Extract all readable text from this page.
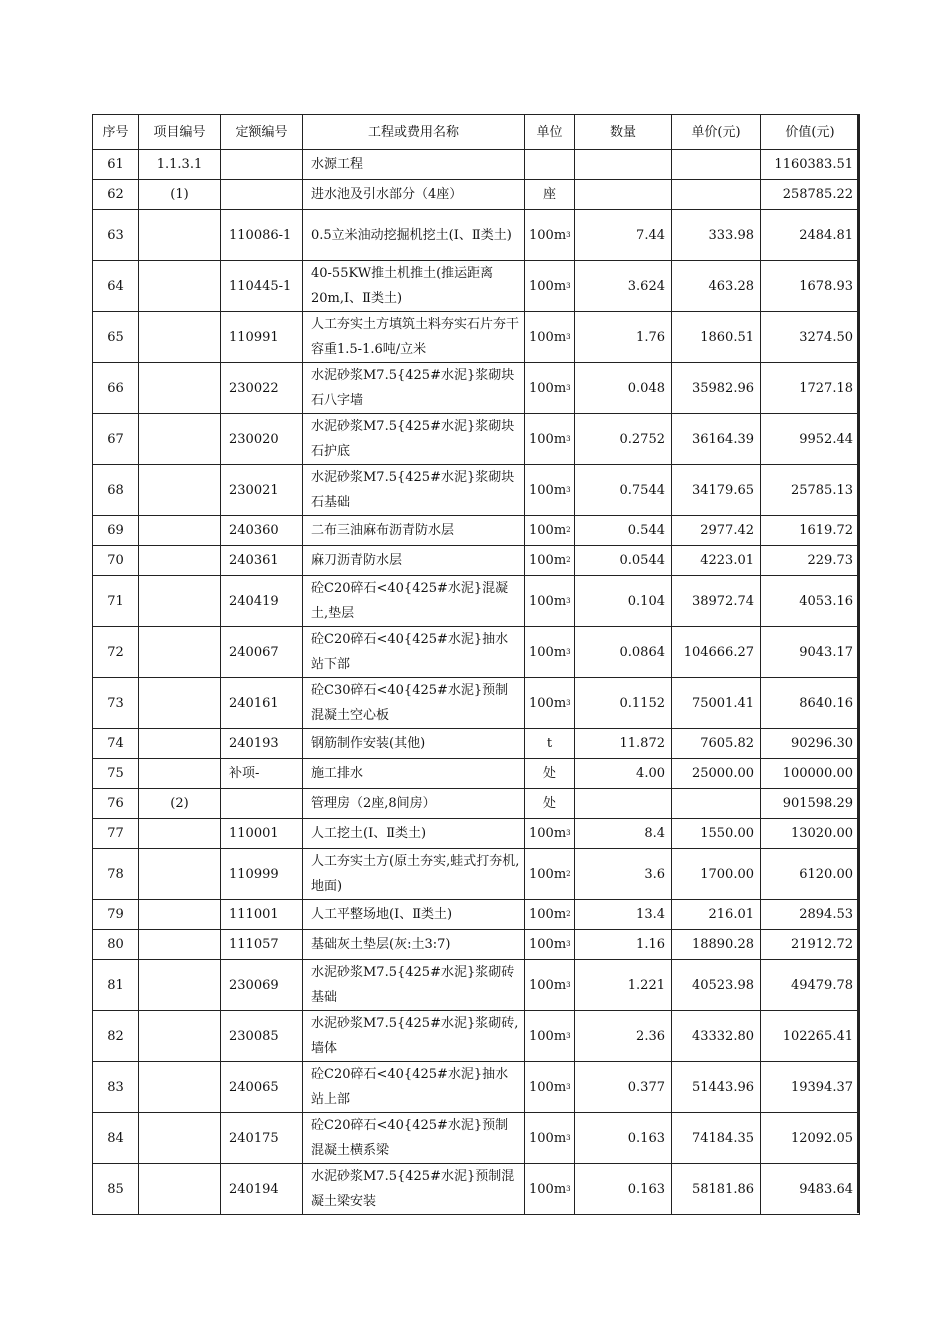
序号	项目编号	定额编号	工程或费用名称	单位	数量	单价(元)	价值(元)
61	1.1.3.1		水源工程				1160383.51
62	(1)		进水池及引水部分（4座）	座			258785.22
63		110086-1	0.5立米油动挖掘机挖土(Ⅰ、Ⅱ类土)	$100m^3$	7.44	333.98	2484.81
64		110445-1	40-55KW推土机推土(推运距离20m,Ⅰ、Ⅱ类土)	$100m^3$	3.624	463.28	1678.93
65		110991	人工夯实土方填筑土料夯实石片夯干容重1.5-1.6吨/立米	$100m^3$	1.76	1860.51	3274.50
66		230022	水泥砂浆M7.5{425#水泥}浆砌块石八字墙	$100m^3$	0.048	35982.96	1727.18
67		230020	水泥砂浆M7.5{425#水泥}浆砌块石护底	$100m^3$	0.2752	36164.39	9952.44
68		230021	水泥砂浆M7.5{425#水泥}浆砌块石基础	$100m^3$	0.7544	34179.65	25785.13
69		240360	二布三油麻布沥青防水层	$100m^2$	0.544	2977.42	1619.72
70		240361	麻刀沥青防水层	$100m^2$	0.0544	4223.01	229.73
71		240419	砼C20碎石<40{425#水泥}混凝土,垫层	$100m^3$	0.104	38972.74	4053.16
72		240067	砼C20碎石<40{425#水泥}抽水站下部	$100m^3$	0.0864	104666.27	9043.17
73		240161	砼C30碎石<40{425#水泥}预制混凝土空心板	$100m^3$	0.1152	75001.41	8640.16
74		240193	钢筋制作安装(其他)	t	11.872	7605.82	90296.30
75		补项-	施工排水	处	4.00	25000.00	100000.00
76	(2)		管理房（2座,8间房）	处			901598.29
77		110001	人工挖土(Ⅰ、Ⅱ类土)	$100m^3$	8.4	1550.00	13020.00
78		110999	人工夯实土方(原土夯实,蛙式打夯机,地面)	$100m^2$	3.6	1700.00	6120.00
79		111001	人工平整场地(Ⅰ、Ⅱ类土)	$100m^2$	13.4	216.01	2894.53
80		111057	基础灰土垫层(灰:土3:7)	$100m^3$	1.16	18890.28	21912.72
81		230069	水泥砂浆M7.5{425#水泥}浆砌砖基础	$100m^3$	1.221	40523.98	49479.78
82		230085	水泥砂浆M7.5{425#水泥}浆砌砖,墙体	$100m^3$	2.36	43332.80	102265.41
83		240065	砼C20碎石<40{425#水泥}抽水站上部	$100m^3$	0.377	51443.96	19394.37
84		240175	砼C20碎石<40{425#水泥}预制混凝土横系梁	$100m^3$	0.163	74184.35	12092.05
85		240194	水泥砂浆M7.5{425#水泥}预制混凝土梁安装	$100m^3$	0.163	58181.86	9483.64
